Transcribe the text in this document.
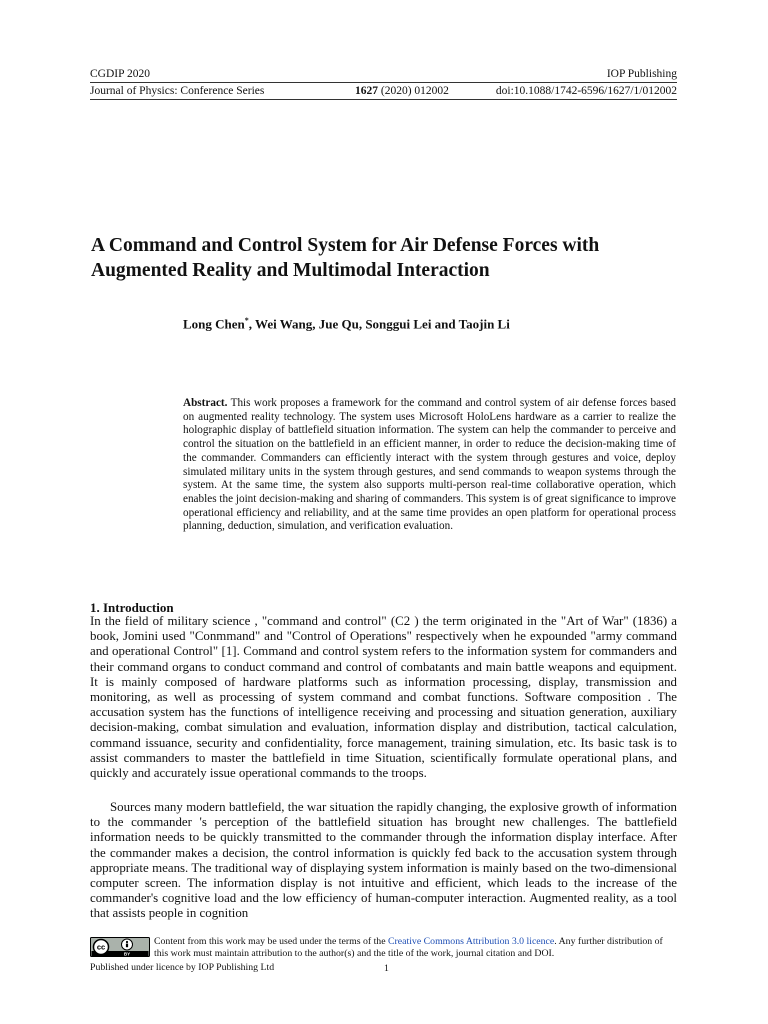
CGDIP 2020	IOP Publishing
Journal of Physics: Conference Series	1627 (2020) 012002	doi:10.1088/1742-6596/1627/1/012002
A Command and Control System for Air Defense Forces with Augmented Reality and Multimodal Interaction
Long Chen*, Wei Wang, Jue Qu, Songgui Lei and Taojin Li

Abstract. This work proposes a framework for the command and control system of air defense forces based on augmented reality technology. The system uses Microsoft HoloLens hardware as a carrier to realize the holographic display of battlefield situation information. The system can help the commander to perceive and control the situation on the battlefield in an efficient manner, in order to reduce the decision-making time of the commander. Commanders can efficiently interact with the system through gestures and voice, deploy simulated military units in the system through gestures, and send commands to weapon systems through the system. At the same time, the system also supports multi-person real-time collaborative operation, which enables the joint decision-making and sharing of commanders. This system is of great significance to improve operational efficiency and reliability, and at the same time provides an open platform for operational process planning, deduction, simulation, and verification evaluation.

1. Introduction

In the field of military science , "command and control" (C2 ) the term originated in the "Art of War" (1836) a book, Jomini used "Conmmand" and "Control of Operations" respectively when he expounded "army command and operational Control" [1]. Command and control system refers to the information system for commanders and their command organs to conduct command and control of combatants and main battle weapons and equipment. It is mainly composed of hardware platforms such as information processing, display, transmission and monitoring, as well as processing of system command and combat functions. Software composition . The accusation system has the functions of intelligence receiving and processing and situation generation, auxiliary decision-making, combat simulation and evaluation, information display and distribution, tactical calculation, command issuance, security and confidentiality, force management, training simulation, etc. Its basic task is to assist commanders to master the battlefield in time Situation, scientifically formulate operational plans, and quickly and accurately issue operational commands to the troops.

Sources many modern battlefield, the war situation the rapidly changing, the explosive growth of information to the commander 's perception of the battlefield situation has brought new challenges. The battlefield information needs to be quickly transmitted to the commander through the information display interface. After the commander makes a decision, the control information is quickly fed back to the accusation system through appropriate means. The traditional way of displaying system information is mainly based on the two-dimensional computer screen. The information display is not intuitive and efficient, which leads to the increase of the commander's cognitive load and the low efficiency of human-computer interaction. Augmented reality, as a tool that assists people in cognition

cc
BY

Content from this work may be used under the terms of the Creative Commons Attribution 3.0 licence. Any further distribution of this work must maintain attribution to the author(s) and the title of the work, journal citation and DOI.

Published under licence by IOP Publishing Ltd	1
